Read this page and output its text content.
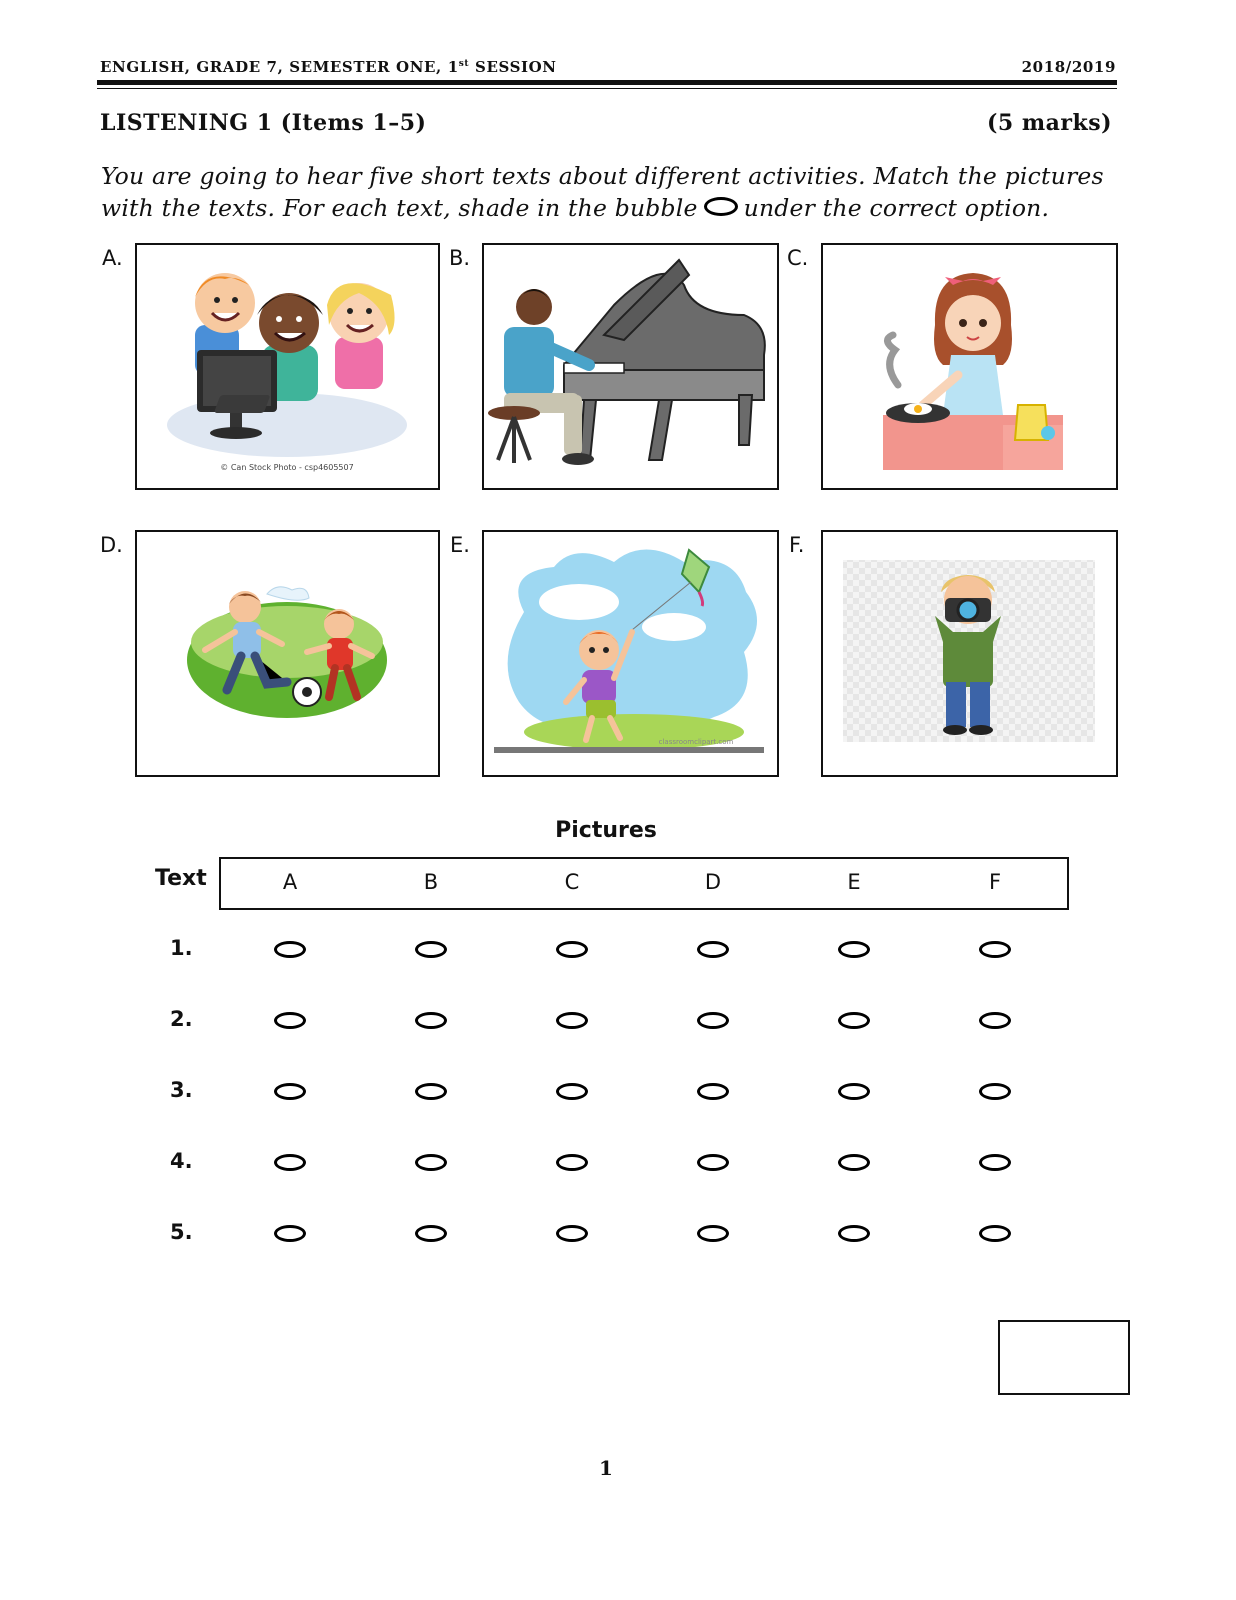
ENGLISH, GRADE 7, SEMESTER ONE, 1st SESSION	2018/2019
LISTENING 1 (Items 1–5)	(5 marks)
You are going to hear five short texts about different activities. Match the pictures with the texts. For each text, shade in the bubble under the correct option.
A.	B.	C.
D.	E.	F.
© Can Stock Photo - csp4605507
classroomclipart.com
Pictures
Text	A	B	C	D	E	F
1.
2.
3.
4.
5.
1
